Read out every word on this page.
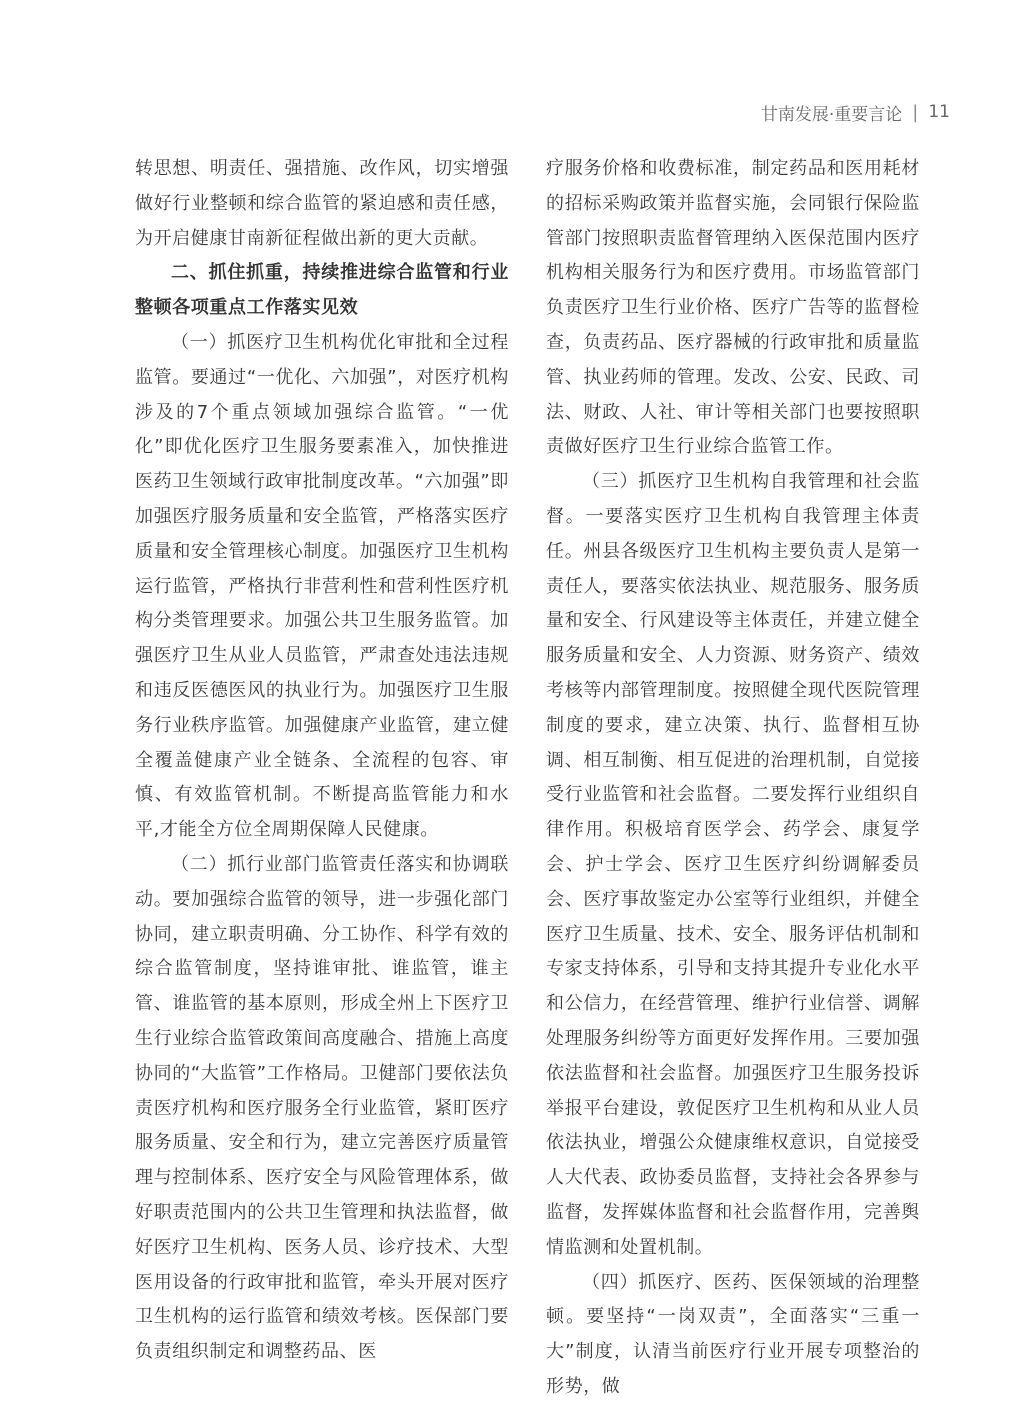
甘南发展·重要言论 | 11

转思想、明责任、强措施、改作风，切实增强做好行业整顿和综合监管的紧迫感和责任感，为开启健康甘南新征程做出新的更大贡献。

二、抓住抓重，持续推进综合监管和行业整顿各项重点工作落实见效

（一）抓医疗卫生机构优化审批和全过程监管。要通过“一优化、六加强”，对医疗机构涉及的7个重点领域加强综合监管。“一优化”即优化医疗卫生服务要素准入，加快推进医药卫生领域行政审批制度改革。“六加强”即加强医疗服务质量和安全监管，严格落实医疗质量和安全管理核心制度。加强医疗卫生机构运行监管，严格执行非营利性和营利性医疗机构分类管理要求。加强公共卫生服务监管。加强医疗卫生从业人员监管，严肃查处违法违规和违反医德医风的执业行为。加强医疗卫生服务行业秩序监管。加强健康产业监管，建立健全覆盖健康产业全链条、全流程的包容、审慎、有效监管机制。不断提高监管能力和水平,才能全方位全周期保障人民健康。

（二）抓行业部门监管责任落实和协调联动。要加强综合监管的领导，进一步强化部门协同，建立职责明确、分工协作、科学有效的综合监管制度，坚持谁审批、谁监管，谁主管、谁监管的基本原则，形成全州上下医疗卫生行业综合监管政策间高度融合、措施上高度协同的“大监管”工作格局。卫健部门要依法负责医疗机构和医疗服务全行业监管，紧盯医疗服务质量、安全和行为，建立完善医疗质量管理与控制体系、医疗安全与风险管理体系，做好职责范围内的公共卫生管理和执法监督，做好医疗卫生机构、医务人员、诊疗技术、大型医用设备的行政审批和监管，牵头开展对医疗卫生机构的运行监管和绩效考核。医保部门要负责组织制定和调整药品、医

疗服务价格和收费标准，制定药品和医用耗材的招标采购政策并监督实施，会同银行保险监管部门按照职责监督管理纳入医保范围内医疗机构相关服务行为和医疗费用。市场监管部门负责医疗卫生行业价格、医疗广告等的监督检查，负责药品、医疗器械的行政审批和质量监管、执业药师的管理。发改、公安、民政、司法、财政、人社、审计等相关部门也要按照职责做好医疗卫生行业综合监管工作。

（三）抓医疗卫生机构自我管理和社会监督。一要落实医疗卫生机构自我管理主体责任。州县各级医疗卫生机构主要负责人是第一责任人，要落实依法执业、规范服务、服务质量和安全、行风建设等主体责任，并建立健全服务质量和安全、人力资源、财务资产、绩效考核等内部管理制度。按照健全现代医院管理制度的要求，建立决策、执行、监督相互协调、相互制衡、相互促进的治理机制，自觉接受行业监管和社会监督。二要发挥行业组织自律作用。积极培育医学会、药学会、康复学会、护士学会、医疗卫生医疗纠纷调解委员会、医疗事故鉴定办公室等行业组织，并健全医疗卫生质量、技术、安全、服务评估机制和专家支持体系，引导和支持其提升专业化水平和公信力，在经营管理、维护行业信誉、调解处理服务纠纷等方面更好发挥作用。三要加强依法监督和社会监督。加强医疗卫生服务投诉举报平台建设，敦促医疗卫生机构和从业人员依法执业，增强公众健康维权意识，自觉接受人大代表、政协委员监督，支持社会各界参与监督，发挥媒体监督和社会监督作用，完善舆情监测和处置机制。

（四）抓医疗、医药、医保领域的治理整顿。要坚持“一岗双责”，全面落实“三重一大”制度，认清当前医疗行业开展专项整治的形势，做
